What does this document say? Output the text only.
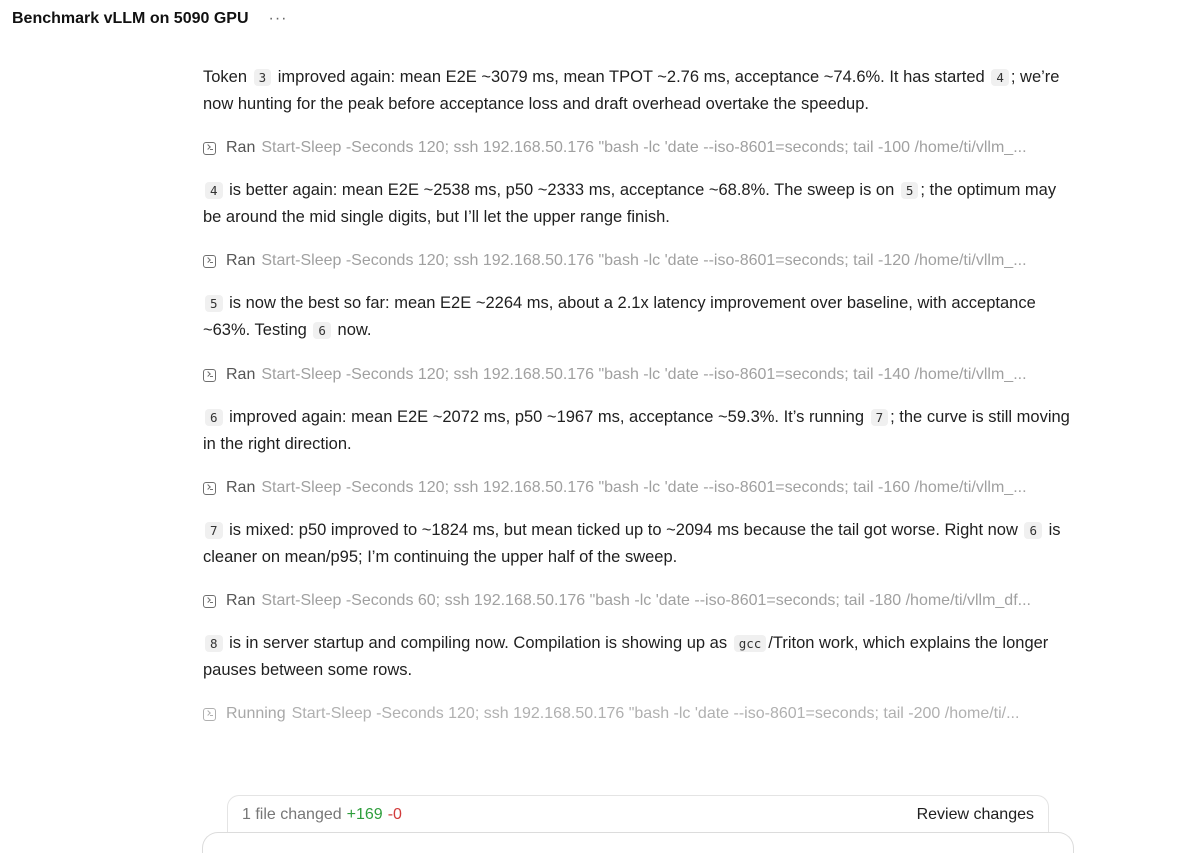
Benchmark vLLM on 5090 GPU ···

Token 3 improved again: mean E2E ~3079 ms, mean TPOT ~2.76 ms, acceptance ~74.6%. It has started 4 ; we’re now hunting for the peak before acceptance loss and draft overhead overtake the speedup.

Ran Start-Sleep -Seconds 120; ssh 192.168.50.176 "bash -lc 'date --iso-8601=seconds; tail -100 /home/ti/vllm_...

4 is better again: mean E2E ~2538 ms, p50 ~2333 ms, acceptance ~68.8%. The sweep is on 5 ; the optimum may be around the mid single digits, but I’ll let the upper range finish.

Ran Start-Sleep -Seconds 120; ssh 192.168.50.176 "bash -lc 'date --iso-8601=seconds; tail -120 /home/ti/vllm_...

5 is now the best so far: mean E2E ~2264 ms, about a 2.1x latency improvement over baseline, with acceptance ~63%. Testing 6 now.

Ran Start-Sleep -Seconds 120; ssh 192.168.50.176 "bash -lc 'date --iso-8601=seconds; tail -140 /home/ti/vllm_...

6 improved again: mean E2E ~2072 ms, p50 ~1967 ms, acceptance ~59.3%. It’s running 7 ; the curve is still moving in the right direction.

Ran Start-Sleep -Seconds 120; ssh 192.168.50.176 "bash -lc 'date --iso-8601=seconds; tail -160 /home/ti/vllm_...

7 is mixed: p50 improved to ~1824 ms, but mean ticked up to ~2094 ms because the tail got worse. Right now 6 is cleaner on mean/p95; I’m continuing the upper half of the sweep.

Ran Start-Sleep -Seconds 60; ssh 192.168.50.176 "bash -lc 'date --iso-8601=seconds; tail -180 /home/ti/vllm_df...

8 is in server startup and compiling now. Compilation is showing up as gcc /Triton work, which explains the longer pauses between some rows.

Running Start-Sleep -Seconds 120; ssh 192.168.50.176 "bash -lc 'date --iso-8601=seconds; tail -200 /home/ti/...
1 file changed +169 -0	Review changes
